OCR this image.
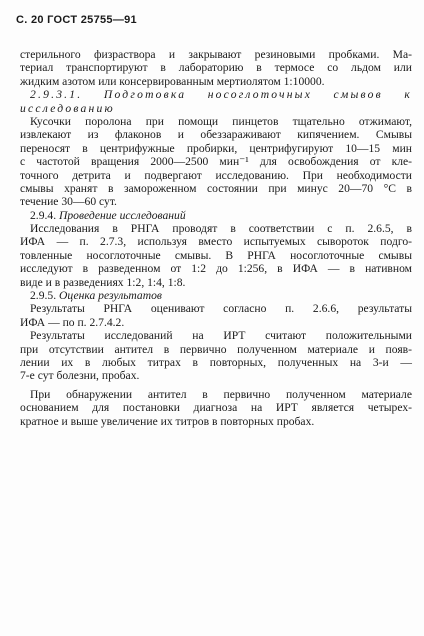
С. 20 ГОСТ 25755—91
стерильного физраствора и закрывают резиновыми пробками. Ма-
териал транспортируют в лабораторию в термосе со льдом или
жидким азотом или консервированным мертиолятом 1:10000.
2.9.3.1. Подготовка носоглоточных смывов к
исследованию
Кусочки поролона при помощи пинцетов тщательно отжимают,
извлекают из флаконов и обеззараживают кипячением. Смывы
переносят в центрифужные пробирки, центрифугируют 10—15 мин
с частотой вращения 2000—2500 мин⁻¹ для освобождения от кле-
точного детрита и подвергают исследованию. При необходимости
смывы хранят в замороженном состоянии при минус 20—70 °С в
течение 30—60 сут.
2.9.4. Проведение исследований
Исследования в РНГА проводят в соответствии с п. 2.6.5, в
ИФА — п. 2.7.3, используя вместо испытуемых сывороток подго-
товленные носоглоточные смывы. В РНГА носоглоточные смывы
исследуют в разведенном от 1:2 до 1:256, в ИФА — в нативном
виде и в разведениях 1:2, 1:4, 1:8.
2.9.5. Оценка результатов
Результаты РНГА оценивают согласно п. 2.6.6, результаты
ИФА — по п. 2.7.4.2.
Результаты исследований на ИРТ считают положительными
при отсутствии антител в первично полученном материале и появ-
лении их в любых титрах в повторных, полученных на 3-и —
7-е сут болезни, пробах.
При обнаружении антител в первично полученном материале
основанием для постановки диагноза на ИРТ является четырех-
кратное и выше увеличение их титров в повторных пробах.
